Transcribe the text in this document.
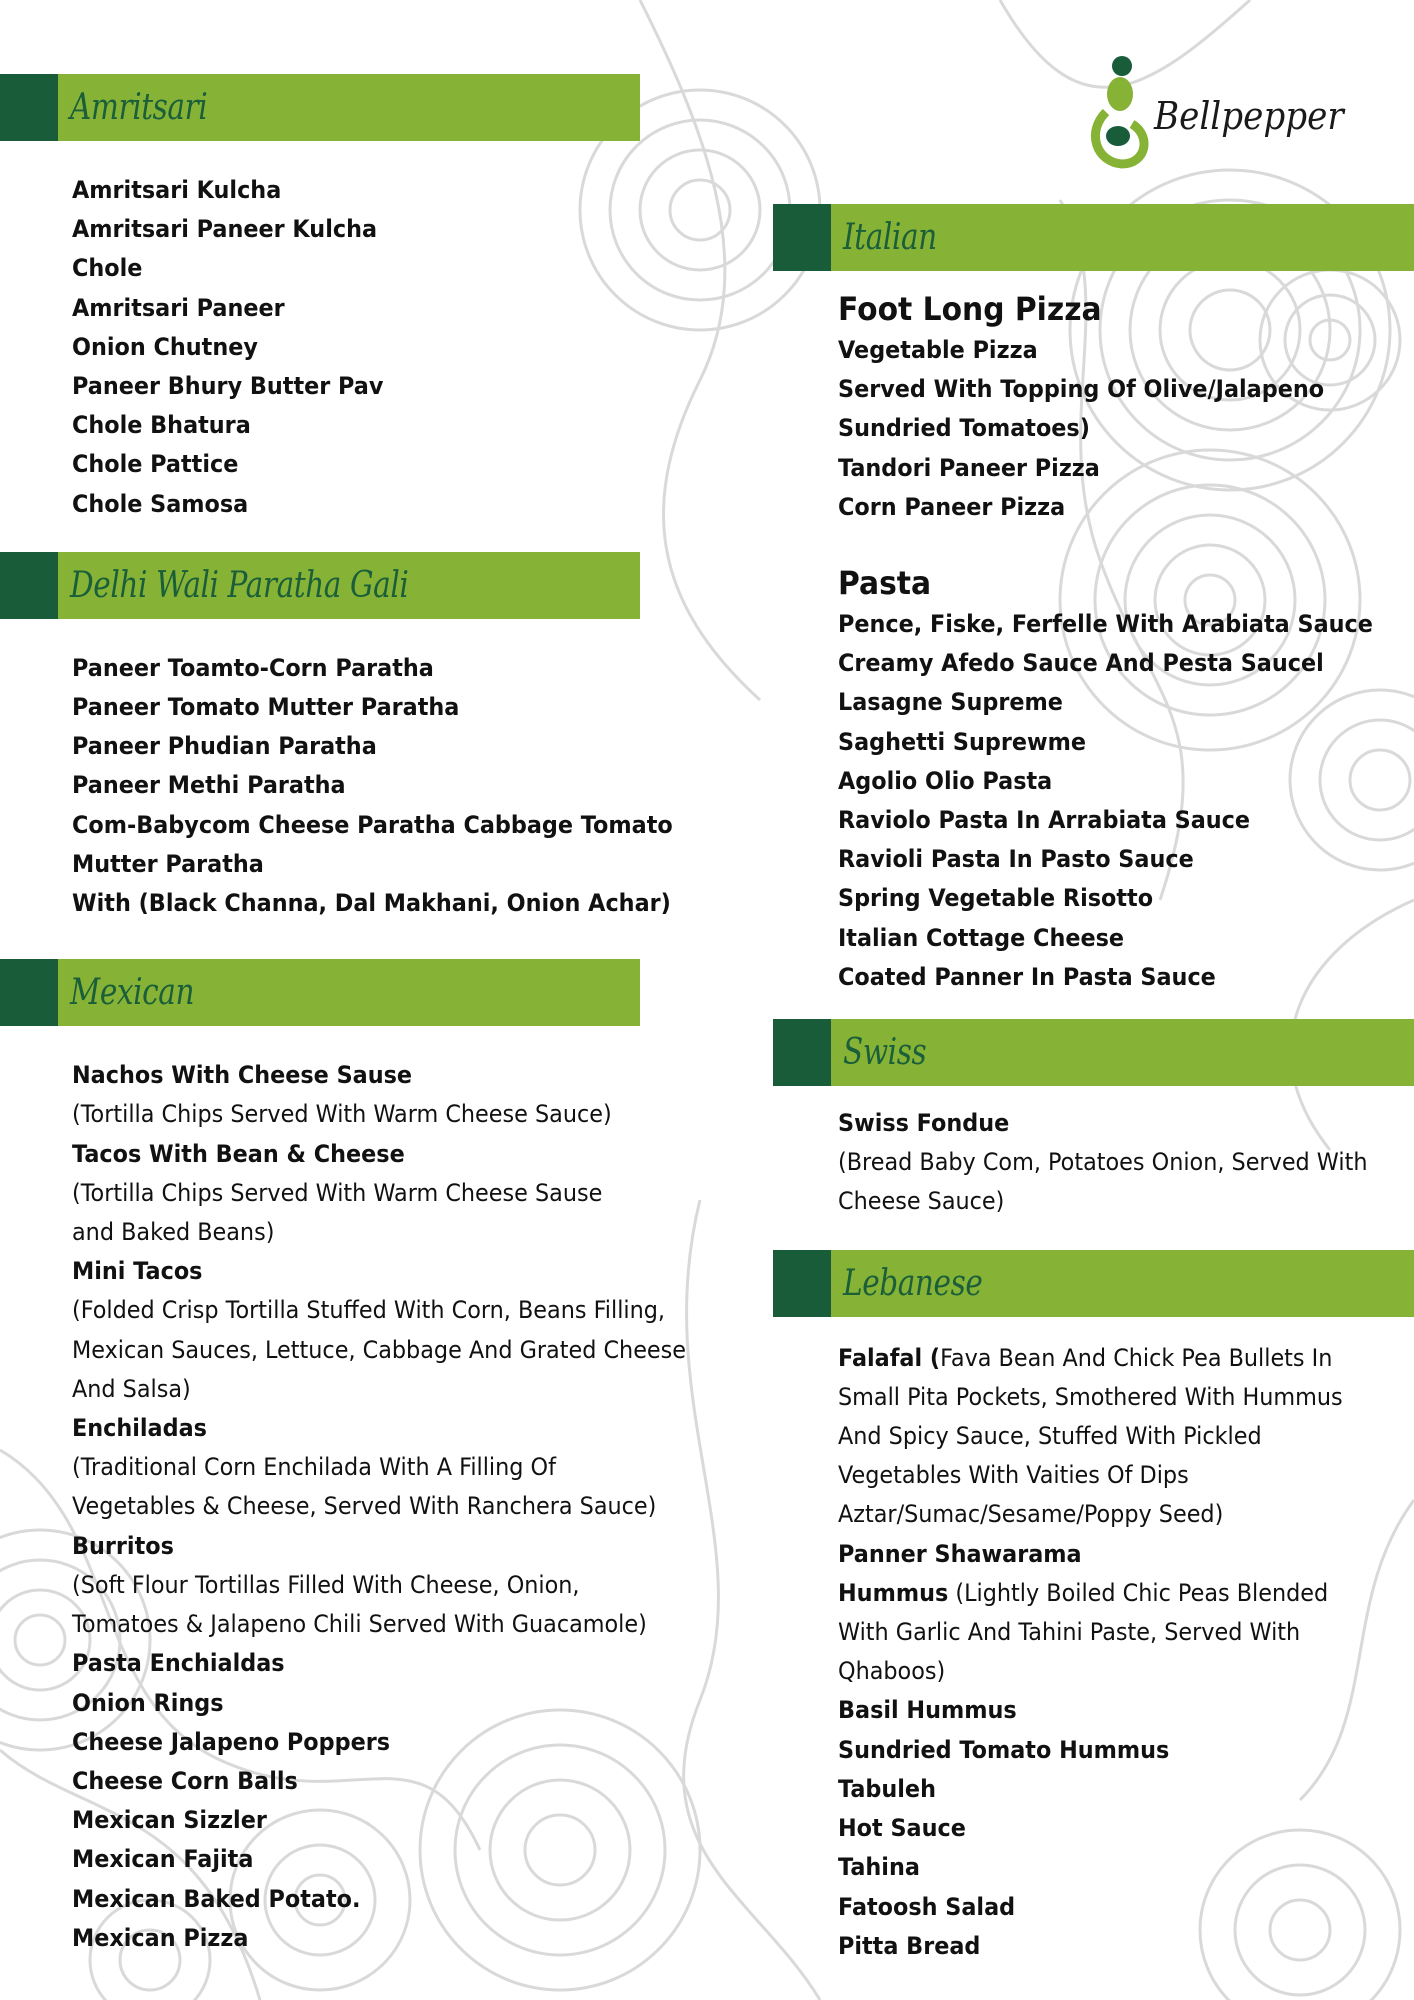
Bellpepper
Amritsari
Amritsari Kulcha
Amritsari Paneer Kulcha
Chole
Amritsari Paneer
Onion Chutney
Paneer Bhury Butter Pav
Chole Bhatura
Chole Pattice
Chole Samosa
Delhi Wali Paratha Gali
Paneer Toamto-Corn Paratha
Paneer Tomato Mutter Paratha
Paneer Phudian Paratha
Paneer Methi Paratha
Com-Babycom Cheese Paratha Cabbage Tomato
Mutter Paratha
With (Black Channa, Dal Makhani, Onion Achar)
Mexican
Nachos With Cheese Sause
(Tortilla Chips Served With Warm Cheese Sauce)
Tacos With Bean & Cheese
(Tortilla Chips Served With Warm Cheese Sause
and Baked Beans)
Mini Tacos
(Folded Crisp Tortilla Stuffed With Corn, Beans Filling,
Mexican Sauces, Lettuce, Cabbage And Grated Cheese
And Salsa)
Enchiladas
(Traditional Corn Enchilada With A Filling Of
Vegetables & Cheese, Served With Ranchera Sauce)
Burritos
(Soft Flour Tortillas Filled With Cheese, Onion,
Tomatoes & Jalapeno Chili Served With Guacamole)
Pasta Enchialdas
Onion Rings
Cheese Jalapeno Poppers
Cheese Corn Balls
Mexican Sizzler
Mexican Fajita
Mexican Baked Potato.
Mexican Pizza
Italian
Foot Long Pizza
Vegetable Pizza
Served With Topping Of Olive/Jalapeno
Sundried Tomatoes)
Tandori Paneer Pizza
Corn Paneer Pizza
Pasta
Pence, Fiske, Ferfelle With Arabiata Sauce
Creamy Afedo Sauce And Pesta Saucel
Lasagne Supreme
Saghetti Suprewme
Agolio Olio Pasta
Raviolo Pasta In Arrabiata Sauce
Ravioli Pasta In Pasto Sauce
Spring Vegetable Risotto
Italian Cottage Cheese
Coated Panner In Pasta Sauce
Swiss
Swiss Fondue
(Bread Baby Com, Potatoes Onion, Served With
Cheese Sauce)
Lebanese
Falafal (Fava Bean And Chick Pea Bullets In
Small Pita Pockets, Smothered With Hummus
And Spicy Sauce, Stuffed With Pickled
Vegetables With Vaities Of Dips
Aztar/Sumac/Sesame/Poppy Seed)
Panner Shawarama
Hummus (Lightly Boiled Chic Peas Blended
With Garlic And Tahini Paste, Served With
Qhaboos)
Basil Hummus
Sundried Tomato Hummus
Tabuleh
Hot Sauce
Tahina
Fatoosh Salad
Pitta Bread
